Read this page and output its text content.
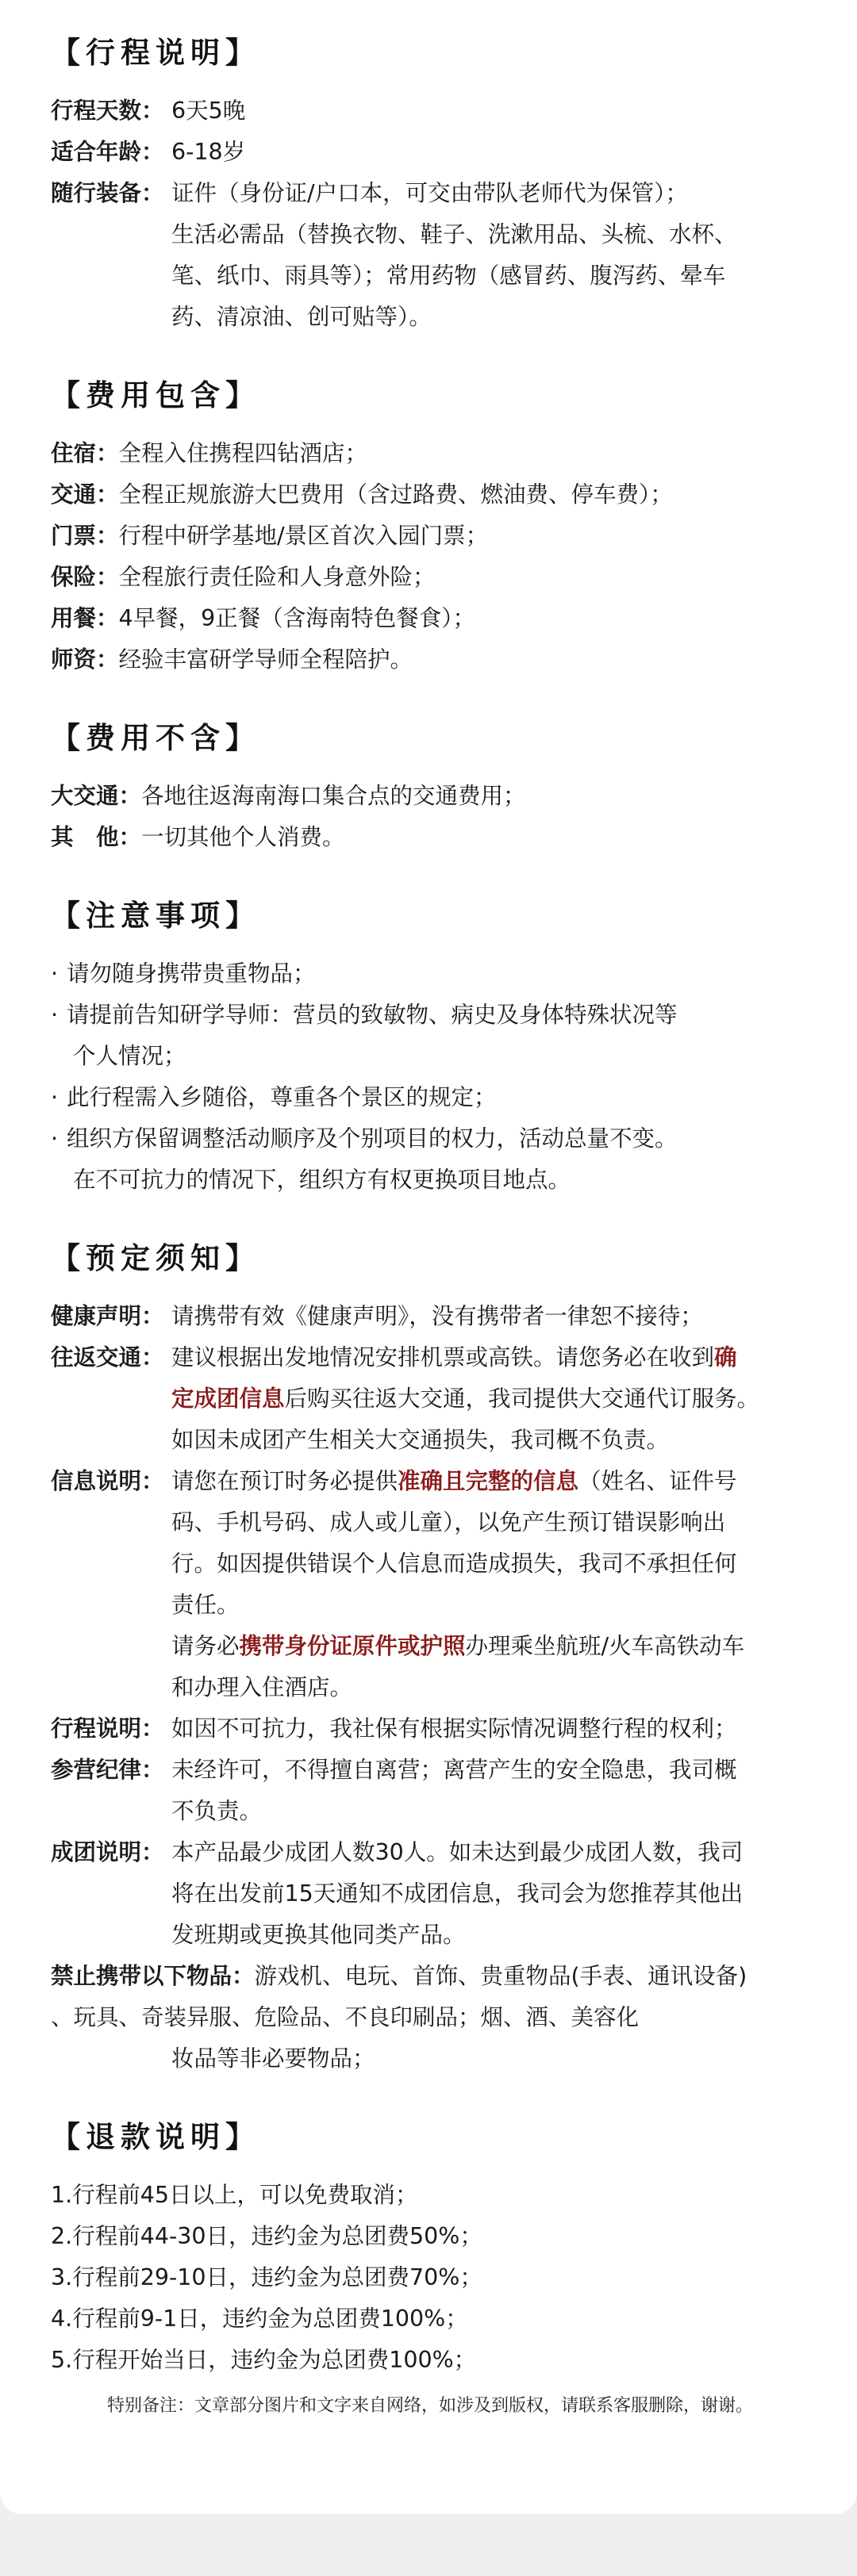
【行程说明】
行程天数： 6天5晚
适合年龄： 6-18岁
随行装备： 证件（身份证/户口本，可交由带队老师代为保管）；
生活必需品（替换衣物、鞋子、洗漱用品、头梳、水杯、
笔、纸巾、雨具等）；常用药物（感冒药、腹泻药、晕车
药、清凉油、创可贴等）。
【费用包含】
住宿： 全程入住携程四钻酒店；
交通： 全程正规旅游大巴费用（含过路费、燃油费、停车费）；
门票： 行程中研学基地/景区首次入园门票；
保险： 全程旅行责任险和人身意外险；
用餐： 4早餐，9正餐（含海南特色餐食）；
师资： 经验丰富研学导师全程陪护。
【费用不含】
大交通： 各地往返海南海口集合点的交通费用；
其　他： 一切其他个人消费。
【注意事项】
· 请勿随身携带贵重物品；
· 请提前告知研学导师：营员的致敏物、病史及身体特殊状况等
个人情况；
· 此行程需入乡随俗，尊重各个景区的规定；
· 组织方保留调整活动顺序及个别项目的权力，活动总量不变。
在不可抗力的情况下，组织方有权更换项目地点。
【预定须知】
健康声明： 请携带有效《健康声明》，没有携带者一律恕不接待；
往返交通： 建议根据出发地情况安排机票或高铁。请您务必在收到确
定成团信息后购买往返大交通，我司提供大交通代订服务。
如因未成团产生相关大交通损失，我司概不负责。
信息说明： 请您在预订时务必提供准确且完整的信息（姓名、证件号
码、手机号码、成人或儿童），以免产生预订错误影响出
行。如因提供错误个人信息而造成损失，我司不承担任何
责任。
请务必携带身份证原件或护照办理乘坐航班/火车高铁动车
和办理入住酒店。
行程说明： 如因不可抗力，我社保有根据实际情况调整行程的权利；
参营纪律： 未经许可，不得擅自离营；离营产生的安全隐患，我司概
不负责。
成团说明： 本产品最少成团人数30人。如未达到最少成团人数，我司
将在出发前15天通知不成团信息，我司会为您推荐其他出
发班期或更换其他同类产品。
禁止携带以下物品： 游戏机、电玩、首饰、贵重物品(手表、通讯设备)
、玩具、奇装异服、危险品、不良印刷品；烟、酒、美容化
妆品等非必要物品；
【退款说明】
1.行程前45日以上，可以免费取消；
2.行程前44-30日，违约金为总团费50%；
3.行程前29-10日，违约金为总团费70%；
4.行程前9-1日，违约金为总团费100%；
5.行程开始当日，违约金为总团费100%；
特别备注：文章部分图片和文字来自网络，如涉及到版权，请联系客服删除，谢谢。
